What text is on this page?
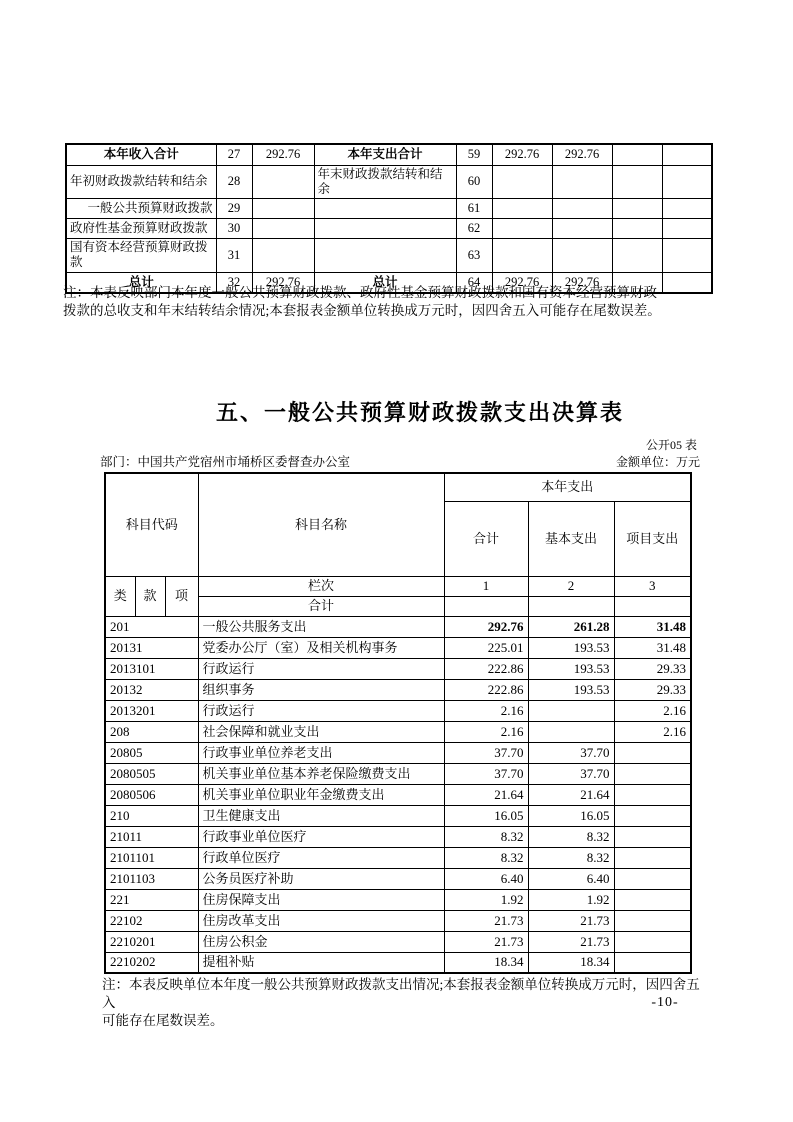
本年收入合计	27	292.76	本年支出合计	59	292.76	292.76		
年初财政拨款结转和结余	28		年末财政拨款结转和结余	60				
一般公共预算财政拨款	29			61				
政府性基金预算财政拨款	30			62				
国有资本经营预算财政拨款	31			63				
总计	32	292.76	总计	64	292.76	292.76		
注：本表反映部门本年度一般公共预算财政拨款、政府性基金预算财政拨款和国有资本经营预算财政
拨款的总收支和年末结转结余情况;本套报表金额单位转换成万元时，因四舍五入可能存在尾数误差。
五、一般公共预算财政拨款支出决算表
公开05 表
部门：中国共产党宿州市埇桥区委督查办公室	金额单位：万元
科目代码			科目名称	本年支出		
				合计	基本支出	项目支出
类	款	项	栏次	1	2	3
			合计			
201			一般公共服务支出	292.76	261.28	31.48
20131			党委办公厅（室）及相关机构事务	225.01	193.53	31.48
2013101			行政运行	222.86	193.53	29.33
20132			组织事务	222.86	193.53	29.33
2013201			行政运行	2.16		2.16
208			社会保障和就业支出	2.16		2.16
20805			行政事业单位养老支出	37.70	37.70	
2080505			机关事业单位基本养老保险缴费支出	37.70	37.70	
2080506			机关事业单位职业年金缴费支出	21.64	21.64	
210			卫生健康支出	16.05	16.05	
21011			行政事业单位医疗	8.32	8.32	
2101101			行政单位医疗	8.32	8.32	
2101103			公务员医疗补助	6.40	6.40	
221			住房保障支出	1.92	1.92	
22102			住房改革支出	21.73	21.73	
2210201			住房公积金	21.73	21.73	
2210202			提租补贴	18.34	18.34	
注：本表反映单位本年度一般公共预算财政拨款支出情况;本套报表金额单位转换成万元时，因四舍五入
可能存在尾数误差。
-10-
